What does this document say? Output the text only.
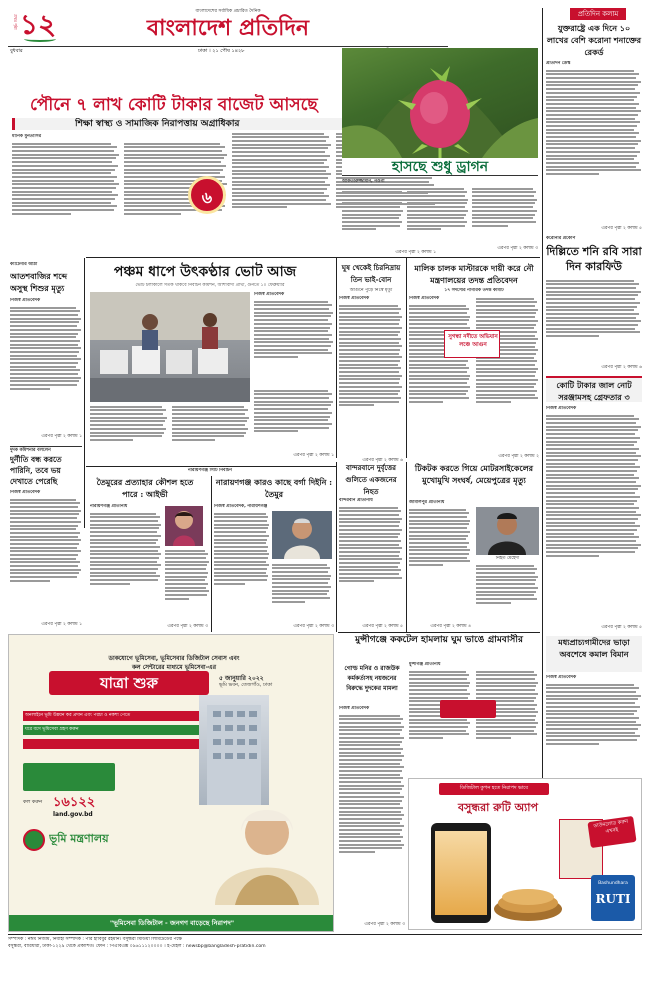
প্রথম পৃষ্ঠা ১২	বাংলাদেশের সর্বাধিক প্রচারিত দৈনিক
বাংলাদেশ প্রতিদিন
বুধবার	ঢাকা । ২১ পৌষ ১৪২৮
পৌনে ৭ লাখ কোটি টাকার বাজেট আসছে
শিক্ষা স্বাস্থ্য ও সামাজিক নিরাপত্তায় অগ্রাধিকার
মানিক মুনতাসির
৬
এরপর পৃষ্ঠা ২ কলাম ১
হাসছে শুধু ড্রাগন
আকতারুজ্জামান, নওগাঁ
এরপর পৃষ্ঠা ২ কলাম ৩
প্রতিদিন কলাম
যুক্তরাষ্ট্রে এক দিনে ১০ লাখের বেশি করোনা শনাক্তের রেকর্ড
প্রতিদিন ডেস্ক
এরপর পৃষ্ঠা ২ কলাম ৫
করোনার প্রকোপ
দিল্লিতে শনি রবি সারা দিন কারফিউ
এরপর পৃষ্ঠা ২ কলাম ৬
কোটি টাকার জাল নোট সরঞ্জামসহ গ্রেফতার ৩
নিজস্ব প্রতিবেদক
এরপর পৃষ্ঠা ২ কলাম ৫
মধ্যপ্রাচ্যগামীদের ভাড়া অবশেষে কমাল বিমান
নিজস্ব প্রতিবেদক
ক্যাটেগরি আঠা
আতশবাজির শব্দে অসুস্থ শিশুর মৃত্যু
নিজস্ব প্রতিবেদক
এরপর পৃষ্ঠা ২ কলাম ১
দুদক কমিশনার বললেন
দুর্নীতি বন্ধ করতে পারিনি, তবে ভয় দেখাতে পেরেছি
নিজস্ব প্রতিবেদক
এরপর পৃষ্ঠা ২ কলাম ১
পঞ্চম ধাপে উৎকণ্ঠার ভোট আজ
ভোট চলাকালে সতর্ক থাকবে নির্বাচন কমিশন, আশাবাদী প্রার্থী, গুনতে ১০ ফেব্রুয়ারি
নিজস্ব প্রতিবেদক
এরপর পৃষ্ঠা ২ কলাম ১
ঘুষ খেকেই চিরনিদ্রায় তিন ভাই-বোন
আগুনে পুড়ে নিঃস্ব মৃত্যু
নিজস্ব প্রতিবেদক
এরপর পৃষ্ঠা ২ কলাম ৬
মালিক চালক মাস্টারকে দায়ী করে নৌ মন্ত্রণালয়ের তদন্ত প্রতিবেদন
১৭ সদস্যের নাগরিক তদন্ত কমিটি
নিজস্ব প্রতিবেদক
সুগন্ধা নদীতে অভিযান লঞ্চে আগুন
এরপর পৃষ্ঠা ২ কলাম ২
নারায়ণগঞ্জ সিটি নির্বাচন
তৈমুরের প্রত্যাহার কৌশল হতে পারে : আইভী
নারায়ণগঞ্জ প্রতিনিধি
এরপর পৃষ্ঠা ২ কলাম ৩
নারায়ণগঞ্জ কারও কাছে বর্গা দিইনি : তৈমুর
নিজস্ব প্রতিবেদক, নারায়ণগঞ্জ
এরপর পৃষ্ঠা ২ কলাম ৩
বান্দরবানে দুর্বৃত্তের গুলিতে একজনের নিহত
বান্দরবান প্রতিনিধি
এরপর পৃষ্ঠা ২ কলাম ৫
টিকটক করতে গিয়ে মোটরসাইকেলের মুখোমুখি সংঘর্ষ, মেয়েপুত্রের মৃত্যু
জামালপুর প্রতিনিধি
নিহত মেহেদী
এরপর পৃষ্ঠা ২ কলাম ৪
মুন্সীগঞ্জে ককটেল হামলায় ঘুম ভাঙে গ্রামবাসীর
মুন্সীগঞ্জ প্রতিনিধি
গোল্ড মনির ও রাজউক কর্মকর্তাসহ নয়জনের বিরুদ্ধে দুদকের মামলা
নিজস্ব প্রতিবেদক
এরপর পৃষ্ঠা ২ কলাম ৩
ডাকযোগে ভূমিসেবা, ভূমিসেবার ডিজিটাল সেবাস এবং
কল সেন্টারের মাধ্যমে ভূমিসেবা-এর
যাত্রা শুরু	৫ জানুয়ারি ২০২২
ভূমি ভবন, তেজগাঁও, ঢাকা
অনলাইনে ভূমি উন্নয়ন কর প্রদান এবং পরচা ও নকশা পেতে
ঘরে বসে ভূমিসেবা গ্রহণ করুন
কল করুন ১৬১২২
land.gov.bd
ভূমি মন্ত্রণালয়
"ভূমিসেবা ডিজিটাল - জনগণ বাড়েছে নিরাপদ"
ডিজিটাল কুপন হতে নিরাপদ ভাবে
বসুন্ধরা রুটি অ্যাপ
ডাউনলোড করুন এখনই
Bashundhara
RUTI
সম্পাদক : নঈম নিজাম, নির্বাহী সম্পাদক : পীর হাবিবুর রহমান। বসুন্ধরা মিডিয়া লিমিটেডের পক্ষে
বসুন্ধরা, বারিধারা, ঢাকা-১২২৯ থেকে প্রকাশিত। ফোন : পিএবিএক্স ০৯৬১১১২০০০০ । ই-মেইল : newsbp@bangladesh-pratidin.com
